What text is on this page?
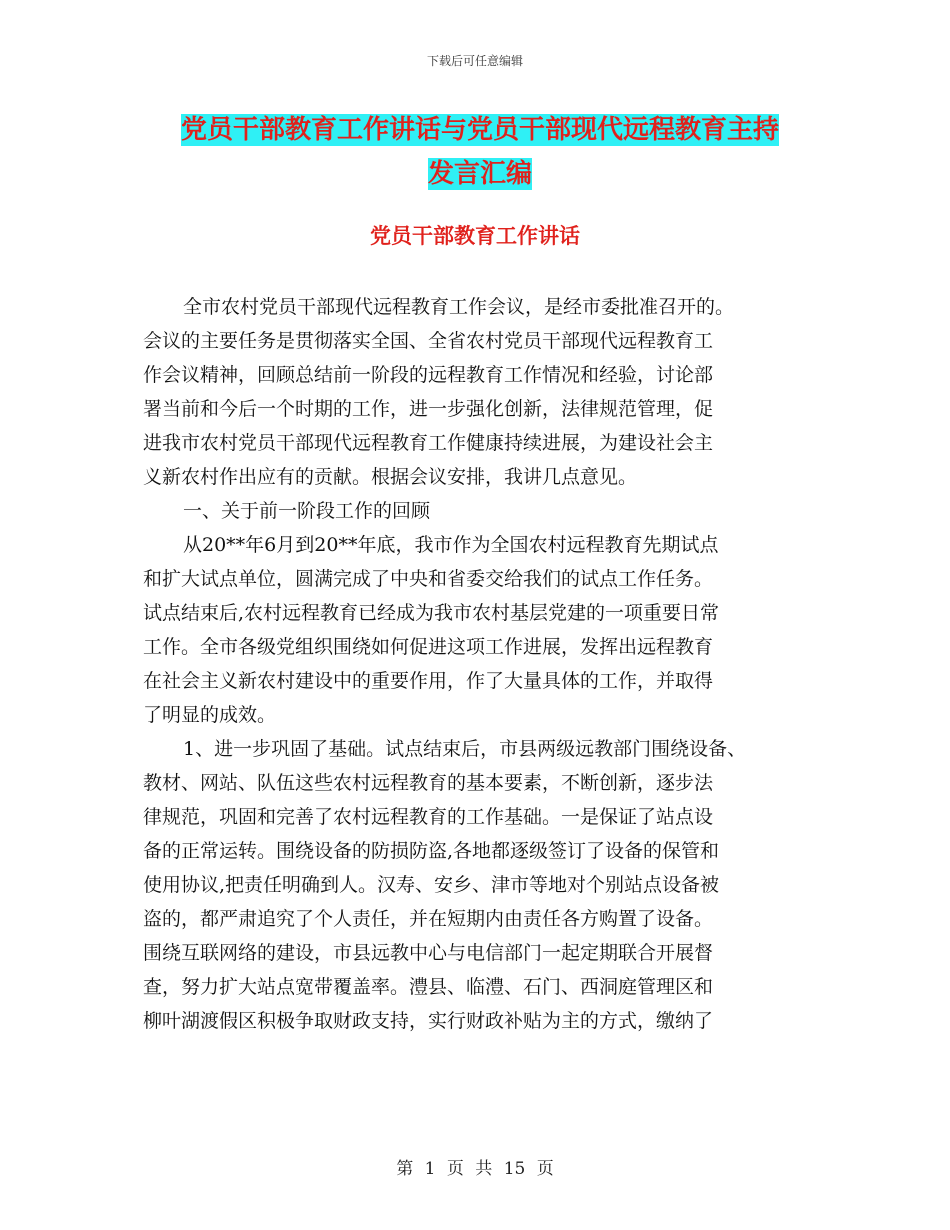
下载后可任意编辑
党员干部教育工作讲话与党员干部现代远程教育主持
发言汇编
党员干部教育工作讲话
全市农村党员干部现代远程教育工作会议，是经市委批准召开的。
会议的主要任务是贯彻落实全国、全省农村党员干部现代远程教育工
作会议精神，回顾总结前一阶段的远程教育工作情况和经验，讨论部
署当前和今后一个时期的工作，进一步强化创新，法律规范管理，促
进我市农村党员干部现代远程教育工作健康持续进展，为建设社会主
义新农村作出应有的贡献。根据会议安排，我讲几点意见。
一、关于前一阶段工作的回顾
从20**年6月到20**年底，我市作为全国农村远程教育先期试点
和扩大试点单位，圆满完成了中央和省委交给我们的试点工作任务。
试点结束后,农村远程教育已经成为我市农村基层党建的一项重要日常
工作。全市各级党组织围绕如何促进这项工作进展，发挥出远程教育
在社会主义新农村建设中的重要作用，作了大量具体的工作，并取得
了明显的成效。
1、进一步巩固了基础。试点结束后，市县两级远教部门围绕设备、
教材、网站、队伍这些农村远程教育的基本要素，不断创新，逐步法
律规范，巩固和完善了农村远程教育的工作基础。一是保证了站点设
备的正常运转。围绕设备的防损防盗,各地都逐级签订了设备的保管和
使用协议,把责任明确到人。汉寿、安乡、津市等地对个别站点设备被
盗的，都严肃追究了个人责任，并在短期内由责任各方购置了设备。
围绕互联网络的建设，市县远教中心与电信部门一起定期联合开展督
查，努力扩大站点宽带覆盖率。澧县、临澧、石门、西洞庭管理区和
柳叶湖渡假区积极争取财政支持，实行财政补贴为主的方式，缴纳了
第 1 页 共 15 页
